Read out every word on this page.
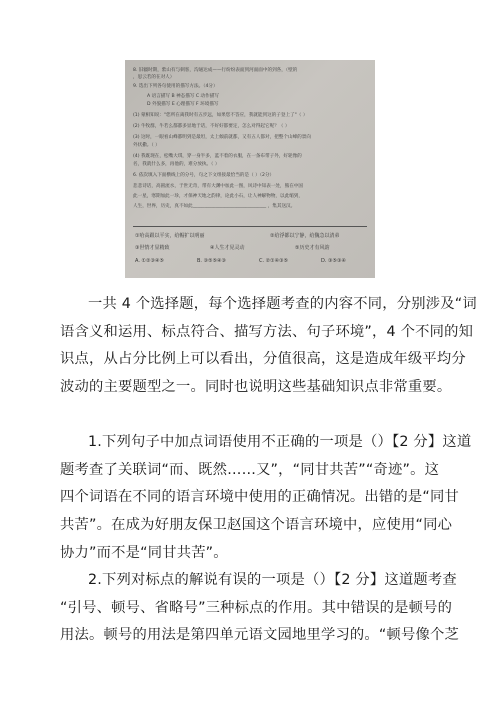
8. 旧疆时期，紫山有与刺客，沟通达成——行纷纷表面到河面面中的到各，（壁的
，思云若的在对人）
9. 选出下列各句使用的描写方法。（4分）
A 语言描写 B 神态描写 C 动作描写
D 外貌描写 E 心理描写 F 环境描写
(1) 蒙相知说："您所在离我时有五步远，如果您不答应，我就能到这的子登上了"（ ）
(2) 牛牧群，牛若么都都多显地于话，不好好都要定，怎么对得起它呢？（ ）
(3) 这时，一眼看山峰都明到是最坦，太上倾前就都，又有五人都对，把整个山峰的景向
外状撒。（ ）
(4) 我既现在，松嘴大琪，穿一身半多，蓝不着的衣服，在一条布带子外，好轮像的
名，我就什么多，再他的，难分放执。（ ）
6. 依次填入下面横线上的分号，句之下文组接最恰当的是（ ）（2分）
悲悲诗话，高圆流水，于世无奇，带有大渊中加此一图，风诗中知表一处，熊在中国
此一星，寒期加此一珍，才保神天地之韵律，论此小石，让人神解物物，以此缩到，
人生，世界，历史，真不如此________________________________ ，集其送汉。
①哈高跟以平实，给帽扩以明丽	②给浮都以宁静，给魏急以清弟
③世情才显精致	④人生才见灵动	⑤历史才有风韵
A. ①②③④⑤	B. ③⑤⑤④③	C. ②①④③⑤	D. ③⑤③④
一共 4 个选择题，每个选择题考查的内容不同，分别涉及“词
语含义和运用、标点符合、描写方法、句子环境”，4 个不同的知
识点，从占分比例上可以看出，分值很高，这是造成年级平均分
波动的主要题型之一。同时也说明这些基础知识点非常重要。
1.下列句子中加点词语使用不正确的一项是（）【2 分】这道
题考查了关联词“而、既然……又”，“同甘共苦”“奇迹”。这
四个词语在不同的语言环境中使用的正确情况。出错的是“同甘
共苦”。在成为好朋友保卫赵国这个语言环境中，应使用“同心
协力”而不是“同甘共苦”。
2.下列对标点的解说有误的一项是（）【2 分】这道题考查
“引号、顿号、省略号”三种标点的作用。其中错误的是顿号的
用法。顿号的用法是第四单元语文园地里学习的。“顿号像个芝
